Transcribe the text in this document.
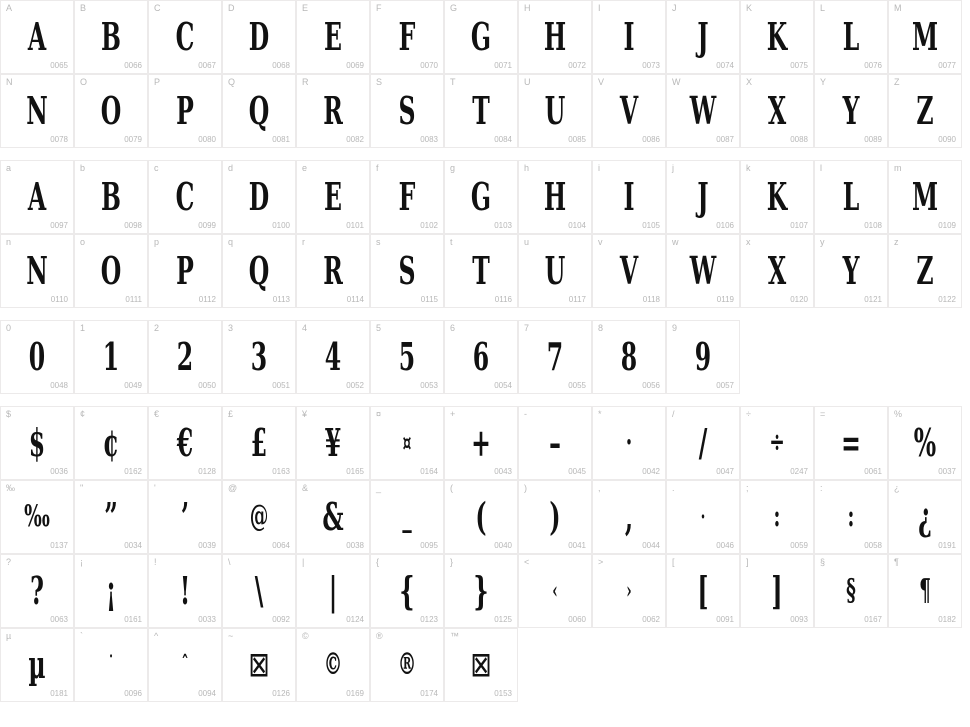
A
A
0065
B
B
0066
C
C
0067
D
D
0068
E
E
0069
F
F
0070
G
G
0071
H
H
0072
I
I
0073
J
J
0074
K
K
0075
L
L
0076
M
M
0077
N
N
0078
O
O
0079
P
P
0080
Q
Q
0081
R
R
0082
S
S
0083
T
T
0084
U
U
0085
V
V
0086
W
W
0087
X
X
0088
Y
Y
0089
Z
Z
0090
a
A
0097
b
B
0098
c
C
0099
d
D
0100
e
E
0101
f
F
0102
g
G
0103
h
H
0104
i
I
0105
j
J
0106
k
K
0107
l
L
0108
m
M
0109
n
N
0110
o
O
0111
p
P
0112
q
Q
0113
r
R
0114
s
S
0115
t
T
0116
u
U
0117
v
V
0118
w
W
0119
x
X
0120
y
Y
0121
z
Z
0122
0
0
0048
1
1
0049
2
2
0050
3
3
0051
4
4
0052
5
5
0053
6
6
0054
7
7
0055
8
8
0056
9
9
0057
$
$
0036
¢
¢
0162
€
€
0128
£
£
0163
¥
¥
0165
¤
¤
0164
+
+
0043
-
–
0045
*
·
0042
/
/
0047
÷
÷
0247
=
=
0061
%
%
0037
‰
‰
0137
"
”
0034
'
’
0039
@
@
0064
&
&
0038
_
_
0095
(
(
0040
)
)
0041
,
,
0044
.
·
0046
;
:
0059
:
:
0058
¿
¿
0191
?
?
0063
¡
¡
0161
!
!
0033
\
\
0092
|
|
0124
{
{
0123
}
}
0125
<
‹
0060
>
›
0062
[
[
0091
]
]
0093
§
§
0167
¶
¶
0182
µ
µ
0181
`
˙
0096
^
ˆ
0094
~
⊠
0126
©
©
0169
®
®
0174
™
⊠
0153
